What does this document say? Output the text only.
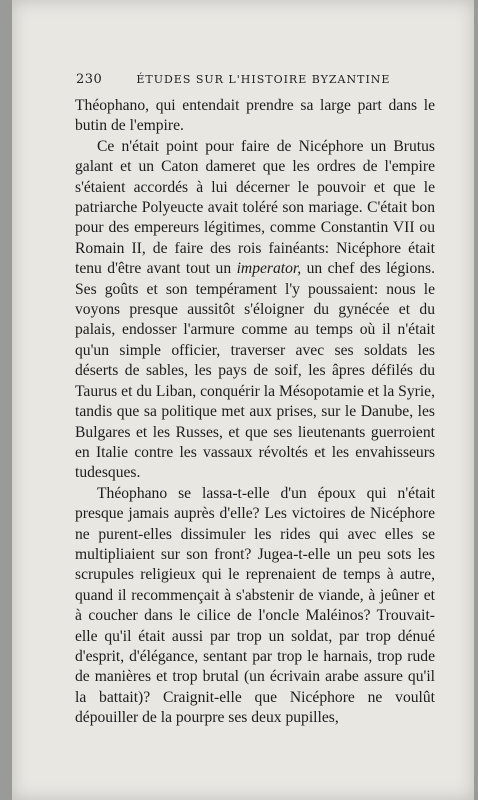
230	ÉTUDES SUR L'HISTOIRE BYZANTINE

Théophano, qui entendait prendre sa large part dans le butin de l'empire.

Ce n'était point pour faire de Nicéphore un Brutus galant et un Caton dameret que les ordres de l'empire s'étaient accordés à lui décerner le pouvoir et que le patriarche Polyeucte avait toléré son mariage. C'était bon pour des empereurs légitimes, comme Constantin VII ou Romain II, de faire des rois fainéants: Nicéphore était tenu d'être avant tout un imperator, un chef des légions. Ses goûts et son tempérament l'y poussaient: nous le voyons presque aussitôt s'éloigner du gynécée et du palais, endosser l'armure comme au temps où il n'était qu'un simple officier, traverser avec ses soldats les déserts de sables, les pays de soif, les âpres défilés du Taurus et du Liban, conquérir la Mésopotamie et la Syrie, tandis que sa politique met aux prises, sur le Danube, les Bulgares et les Russes, et que ses lieutenants guerroient en Italie contre les vassaux révoltés et les envahisseurs tudesques.

Théophano se lassa-t-elle d'un époux qui n'était presque jamais auprès d'elle? Les victoires de Nicéphore ne purent-elles dissimuler les rides qui avec elles se multipliaient sur son front? Jugea-t-elle un peu sots les scrupules religieux qui le reprenaient de temps à autre, quand il recommençait à s'abstenir de viande, à jeûner et à coucher dans le cilice de l'oncle Maléinos? Trouvait-elle qu'il était aussi par trop un soldat, par trop dénué d'esprit, d'élégance, sentant par trop le harnais, trop rude de manières et trop brutal (un écrivain arabe assure qu'il la battait)? Craignit-elle que Nicéphore ne voulût dépouiller de la pourpre ses deux pupilles,
